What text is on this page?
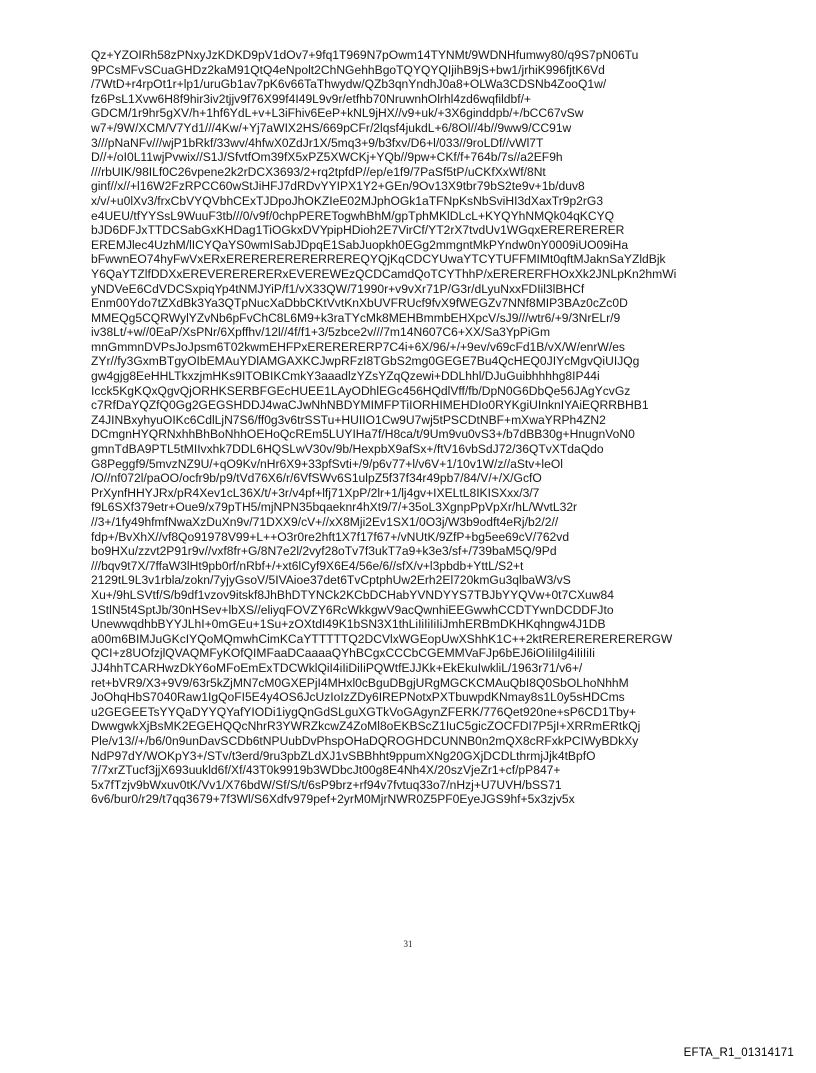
Qz+YZOIRh58zPNxyJzKDKD9pV1dOv7+9fq1T969N7pOwm14TYNMt/9WDNHfumwy80/q9S7pN06Tu
9PCsMFvSCuaGHDz2kaM91QtQ4eNpolt2ChNGehhBgoTQYQYQIjihB9jS+bw1/jrhiK996fjtK6Vd
/7WtD+r4rpOt1r+lp1/uruGb1av7pK6v66TaThwydw/QZb3qnYndhJ0a8+OLWa3CDSNb4ZooQ1w/
fz6PsL1Xvw6H8f9hir3iv2tjjv9f76X99f4I49L9v9r/etfhb70NruwnhOlrhl4zd6wqfildbf/+
GDCM/1r9hr5gXV/h+1hf6YdL+v+L3iFhiv6EeP+kNL9jHX//v9+uk/+3X6ginddpb/+/bCC67vSw
w7+/9W/XCM/V7Yd1///4Kw/+Yj7aWIX2HS/669pCFr/2lqsf4jukdL+6/8Ol//4b//9ww9/CC91w
3///pNaNFv///wjP1bRkf/33wv/4hfwX0ZdJr1X/5mq3+9/b3fxv/D6+l/033//9roLDf//vWl7T
D//+/oI0L11wjPvwix//S1J/SfvtfOm39fX5xPZ5XWCKj+YQb//9pw+CKf/f+764b/7s//a2EF9h
///rbUIK/98ILf0C26vpene2k2rDCX3693/2+rq2tpfdP//ep/e1f9/7PaSf5tP/uCKfXxWf/8Nt
ginf//x//+l16W2FzRPCC60wStJiHFJ7dRDvYYIPX1Y2+GEn/9Ov13X9tbr79bS2te9v+1b/duv8
x/v/+u0lXv3/frxCbVYQVbhCExTJDpoJhOKZIeE02MJphOGk1aTFNpKsNbSviHI3dXaxTr9p2rG3
e4UEU/tfYYSsL9WuuF3tb///0/v9f/0chpPERETogwhBhM/gpTphMKlDLcL+KYQYhNMQk04qKCYQ
bJD6DFJxTTDCSabGxKHDag1TiOGkxDVYpipHDioh2E7VirCf/YT2rX7tvdUv1WGqxERERERERER
EREMJlec4UzhM/lICYQaYS0wmISabJDpqE1SabJuopkh0EGg2mmgntMkPYndw0nY0009iUO09iHa
bFwwnEO74hyFwVxERxERERERERERERREREQYQjKqCDCYUwaYTCYTUFFMIMt0qftMJaknSaYZldBjk
Y6QaYTZlfDDXxEREVERERERERxEVEREWEzQCDCamdQoTCYThhP/xERERERFHOxXk2JNLpKn2hmWi
yNDVeE6CdVDCSxpiqYp4tNMJYiP/f1/vX33QW/71990r+v9vXr71P/G3r/dLyuNxxFDIil3lBHCf
Enm00Ydo7tZXdBk3Ya3QTpNucXaDbbCKtVvtKnXbUVFRUcf9fvX9fWEGZv7NNf8MIP3BAz0cZc0D
MMEQg5CQRWylYZvNb6pFvChC8L6M9+k3raTYcMk8MEHBmmbEHXpcV/sJ9///wtr6/+9/3NrELr/9
iv38Lt/+w//0EaP/XsPNr/6Xpffhv/12l//4f/f1+3/5zbce2v///7m14N607C6+XX/Sa3YpPiGm
mnGmmnDVPsJoJpsm6T02kwmEHFPxERERERERP7C4i+6X/96/+/+9ev/v69cFd1B/vX/W/enrW/es
ZYr//fy3GxmBTgyOIbEMAuYDlAMGAXKCJwpRFzI8TGbS2mg0GEGE7Bu4QcHEQ0JIYcMgvQiUIJQg
gw4gjg8EeHHLTkxzjmHKs9ITOBIKCmkY3aaadlzYZsYZqQzewi+DDLhhl/DJuGuibhhhhg8IP44i
Icck5KgKQxQgvQjORHKSERBFGEcHUEE1LAyODhlEGc456HQdlVff/fb/DpN0G6DbQe56JAgYcvGz
c7RfDaYQZfQ0Gg2GEGSHDDJ4waCJwNhNBDYMIMFPTiIORHIMEHDIo0RYKgiUInknIYAiEQRRBHB1
Z4JINBxyhyuOIKc6CdlLjN7S6/ff0g3v6trSSTu+HUIIO1Cw9U7wj5tPSCDtNBF+mXwaYRPh4ZN2
DCmgnHYQRNxhhBhBoNhhOEHoQcREm5LUYIHa7f/H8ca/t/9Um9vu0vS3+/b7dBB30g+HnugnVoN0
gmnTdBA9PTL5tMIIvxhk7DDL6HQSLwV30v/9b/HexpbX9afSx+/ftV16vbSdJ72/36QTvXTdaQdo
G8Peggf9/5mvzNZ9U/+qO9Kv/nHr6X9+33pfSvti+/9/p6v77+l/v6V+1/10v1W/z//aStv+leOl
/O//nf072l/paOO/ocfr9b/p9/tVd76X6/r/6VfSWv6S1ulpZ5f37f34r49pb7/84/V/+/X/GcfO
PrXynfHHYJRx/pR4Xev1cL36X/t/+3r/v4pf+lfj71XpP/2lr+1/lj4gv+IXELtL8IKISXxx/3/7
f9L6SXf379etr+Oue9/x79pTH5/mjNPN35bqaeknr4hXt9/7/+35oL3XgnpPpVpXr/hL/WvtL32r
//3+/1fy49hfmfNwaXzDuXn9v/71DXX9/cV+//xX8Mji2Ev1SX1/0O3j/W3b9odft4eRj/b2/2//
fdp+/BvXhX//vf8Qo91978V99+L++O3r0re2hft1X7f17f67+/vNUtK/9ZfP+bg5ee69cV/762vd
bo9HXu/zzvt2P91r9v//vxf8fr+G/8N7e2l/2vyf28oTv7f3ukT7a9+k3e3/sf+/739baM5Q/9Pd
///bqv9t7X/7ffaW3lHt9pb0rf/nRbf+/+xt6lCyf9X6E4/56e/6//sfX/v+l3pbdb+YttL/S2+t
2129tL9L3v1rbla/zokn/7yjyGsoV/5IVAioe37det6TvCptphUw2Erh2El720kmGu3qlbaW3/vS
Xu+/9hLSVtf/S/b9df1vzov9itskf8JhBhDTYNCk2KCbDCHabYVNDYYS7TBJbYYQVw+0t7CXuw84
1StlN5t4SptJb/30nHSev+lbXS//eliyqFOVZY6RcWkkgwV9acQwnhiEEGwwhCCDTYwnDCDDFJto
UnewwqdhbBYYJLhI+0mGEu+1Su+zOXtdI49K1bSN3X1thLiIiIiIiIiJmhERBmDKHKqhngw4J1DB
a00m6BIMJuGKcIYQoMQmwhCimKCaYTTTTTQ2DCVlxWGEopUwXShhK1C++2ktRERERERERERERGW
QCI+z8UOfzjlQVAQMFyKOfQIMFaaDCaaaaQYhBCgxCCCbCGEMMVaFJp6bEJ6iOIiIiIg4iIiIiIi
JJ4hhTCARHwzDkY6oMFoEmExTDCWklQiI4iIiDiIiPQWtfEJJKk+EkEkuIwkliL/1963r71/v6+/
ret+bVR9/X3+9V9/63r5kZjMN7cM0GXEPjI4MHxl0cBguDBgjURgMGCKCMAuQbI8Q0SbOLhoNhhM
JoOhqHbS7040Raw1IgQoFI5E4y4OS6JcUzIoIzZDy6IREPNotxPXTbuwpdKNmay8s1L0y5sHDCms
u2GEGEETsYYQaDYYQYafYIODi1iygQnGdSLguXGTkVoGAgynZFERK/776Qet920ne+sP6CD1Tby+
DwwgwkXjBsMK2EGEHQQcNhrR3YWRZkcwZ4ZoMl8oEKBScZ1IuC5gicZOCFDI7P5jI+XRRmERtkQj
Ple/v13//+/b6/0n9unDavSCDb6tNPUubDvPhspOHaDQROGHDCUNNB0n2mQX8cRFxkPCIWyBDkXy
NdP97dY/WOKpY3+/STv/t3erd/9ru3pbZLdXJ1vSBBhht9ppumXNg20GXjDCDLthrmjJjk4tBpfO
7/7xrZTucf3jjX693uukld6f/Xf/43T0k9919b3WDbcJt00g8E4Nh4X/20szVjeZr1+cf/pP847+
5x7fTzjv9bWxuv0tK/Vv1/X76bdW/Sf/S/t/6sP9brz+rf94v7fvtuq33o7/nHzj+U7UVH/bSS71
6v6/bur0/r29/t7qq3679+7f3Wl/S6Xdfv979pef+2yrM0MjrNWR0Z5PF0EyeJGS9hf+5x3zjv5x
31
EFTA_R1_01314171
